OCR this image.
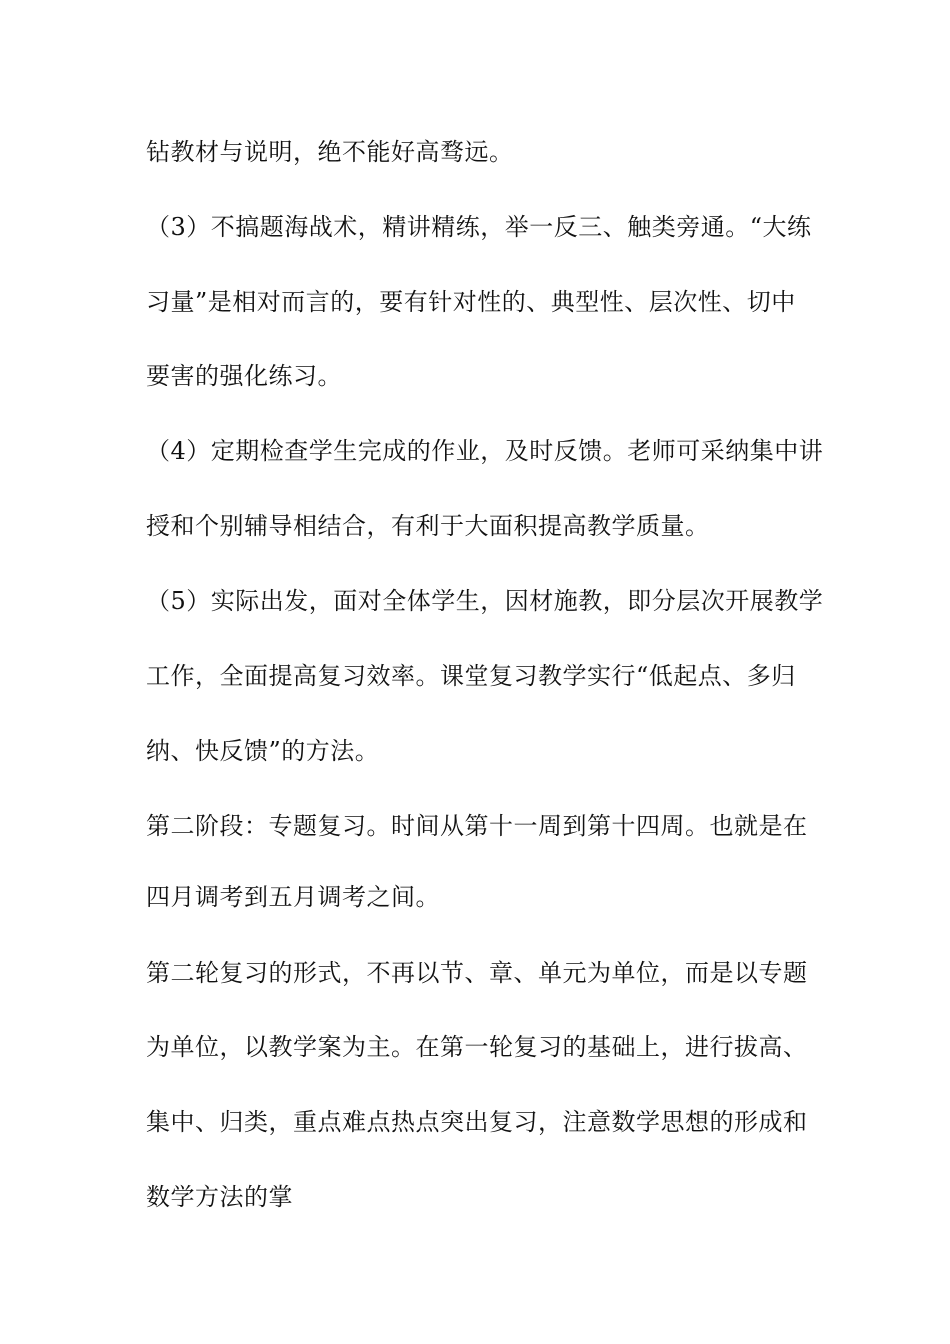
钻教材与说明，绝不能好高骛远。
（3）不搞题海战术，精讲精练，举一反三、触类旁通。“大练
习量”是相对而言的，要有针对性的、典型性、层次性、切中
要害的强化练习。
（4）定期检查学生完成的作业，及时反馈。老师可采纳集中讲
授和个别辅导相结合，有利于大面积提高教学质量。
（5）实际出发，面对全体学生，因材施教，即分层次开展教学
工作，全面提高复习效率。课堂复习教学实行“低起点、多归
纳、快反馈”的方法。
第二阶段：专题复习。时间从第十一周到第十四周。也就是在
四月调考到五月调考之间。
第二轮复习的形式，不再以节、章、单元为单位，而是以专题
为单位，以教学案为主。在第一轮复习的基础上，进行拔高、
集中、归类，重点难点热点突出复习，注意数学思想的形成和
数学方法的掌
